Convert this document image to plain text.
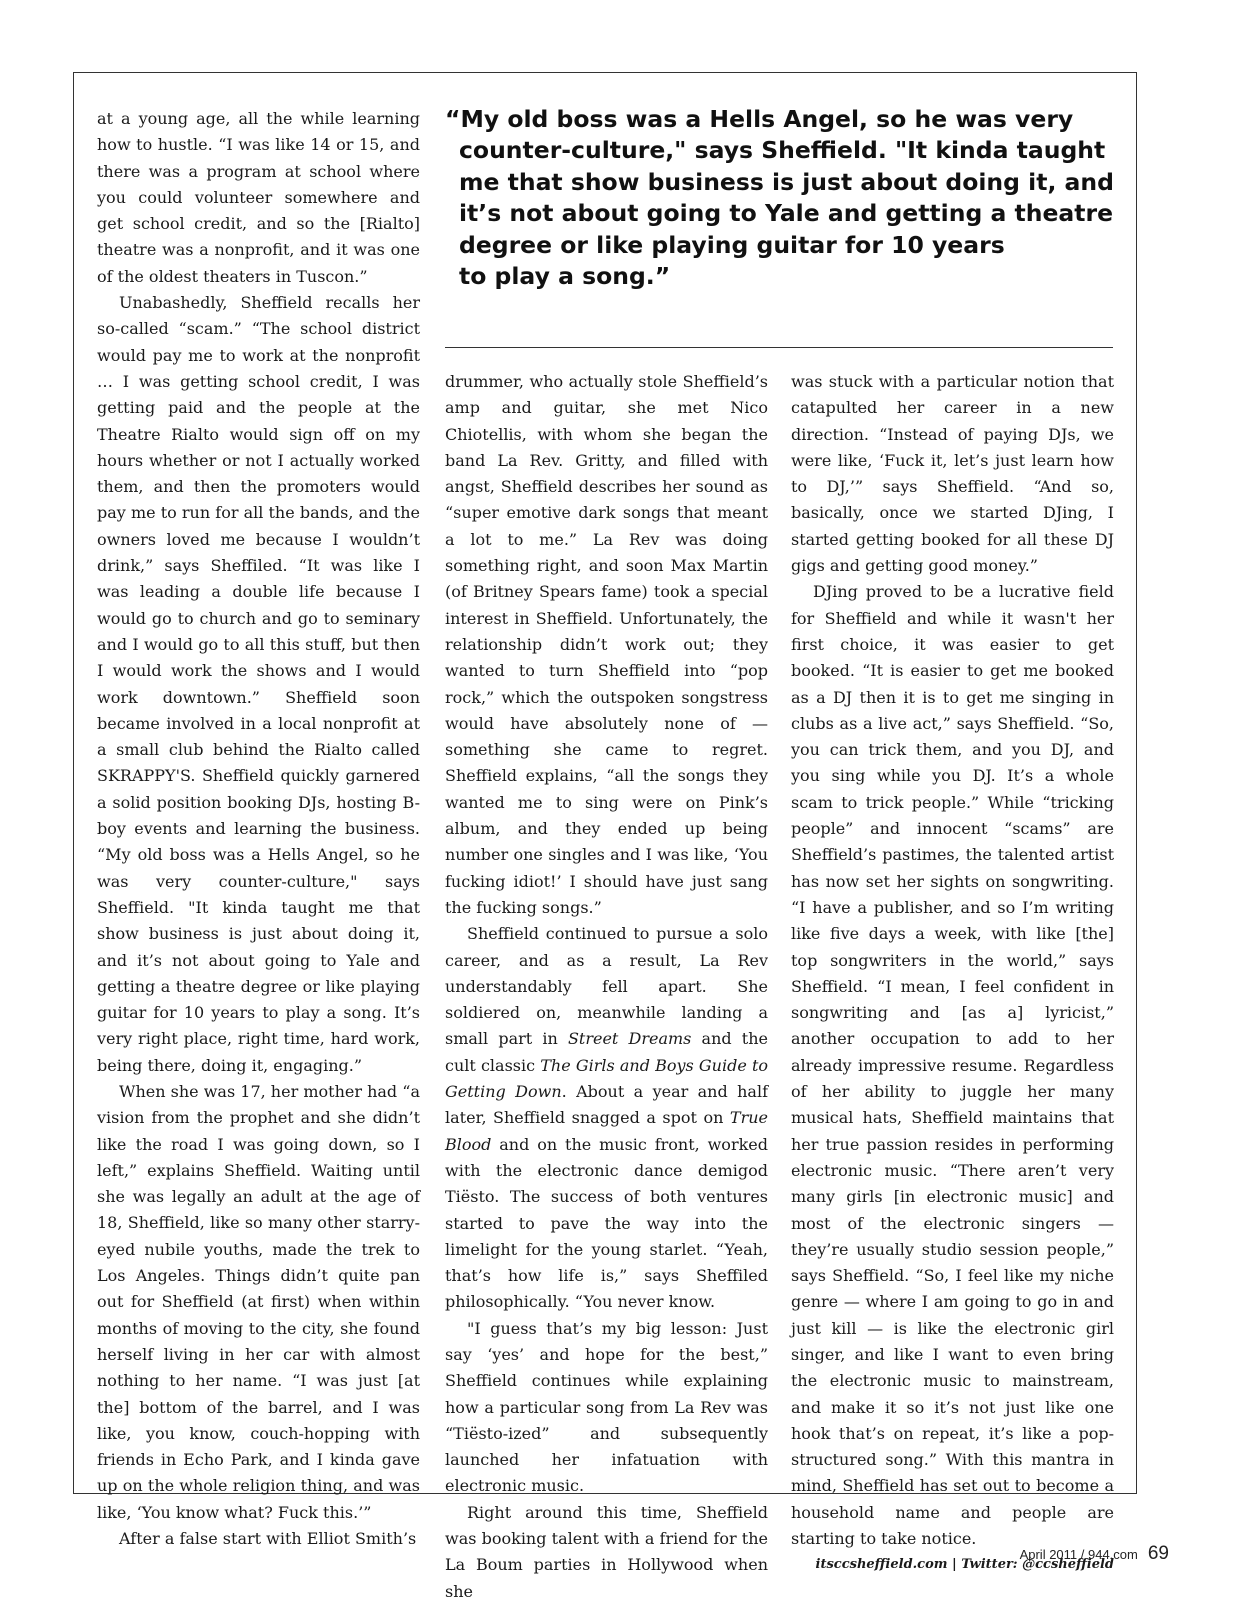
at a young age, all the while learning how to hustle. “I was like 14 or 15, and there was a program at school where you could volunteer somewhere and get school credit, and so the [Rialto] theatre was a nonprofit, and it was one of the oldest theaters in Tuscon.”

Unabashedly, Sheffield recalls her so-called “scam.” “The school district would pay me to work at the nonprofit … I was getting school credit, I was getting paid and the people at the Theatre Rialto would sign off on my hours whether or not I actually worked them, and then the promoters would pay me to run for all the bands, and the owners loved me because I wouldn’t drink,” says Sheffiled. “It was like I was leading a double life because I would go to church and go to seminary and I would go to all this stuff, but then I would work the shows and I would work downtown.” Sheffield soon became involved in a local nonprofit at a small club behind the Rialto called SKRAPPY'S. Sheffield quickly garnered a solid position booking DJs, hosting B-boy events and learning the business. “My old boss was a Hells Angel, so he was very counter-culture," says Sheffield. "It kinda taught me that show business is just about doing it, and it’s not about going to Yale and getting a theatre degree or like playing guitar for 10 years to play a song. It’s very right place, right time, hard work, being there, doing it, engaging.”

When she was 17, her mother had “a vision from the prophet and she didn’t like the road I was going down, so I left,” explains Sheffield. Waiting until she was legally an adult at the age of 18, Sheffield, like so many other starry-eyed nubile youths, made the trek to Los Angeles. Things didn’t quite pan out for Sheffield (at first) when within months of moving to the city, she found herself living in her car with almost nothing to her name. “I was just [at the] bottom of the barrel, and I was like, you know, couch-hopping with friends in Echo Park, and I kinda gave up on the whole religion thing, and was like, ‘You know what? Fuck this.’”

After a false start with Elliot Smith’s

“My old boss was a Hells Angel, so he was very
counter-culture," says Sheffield. "It kinda taught
me that show business is just about doing it, and
it’s not about going to Yale and getting a theatre
degree or like playing guitar for 10 years
to play a song.”

drummer, who actually stole Sheffield’s amp and guitar, she met Nico Chiotellis, with whom she began the band La Rev. Gritty, and filled with angst, Sheffield describes her sound as “super emotive dark songs that meant a lot to me.” La Rev was doing something right, and soon Max Martin (of Britney Spears fame) took a special interest in Sheffield. Unfortunately, the relationship didn’t work out; they wanted to turn Sheffield into “pop rock,” which the outspoken songstress would have absolutely none of — something she came to regret. Sheffield explains, “all the songs they wanted me to sing were on Pink’s album, and they ended up being number one singles and I was like, ‘You fucking idiot!’ I should have just sang the fucking songs.”

Sheffield continued to pursue a solo career, and as a result, La Rev understandably fell apart. She soldiered on, meanwhile landing a small part in Street Dreams and the cult classic The Girls and Boys Guide to Getting Down. About a year and half later, Sheffield snagged a spot on True Blood and on the music front, worked with the electronic dance demigod Tiësto. The success of both ventures started to pave the way into the limelight for the young starlet. “Yeah, that’s how life is,” says Sheffiled philosophically. “You never know.

"I guess that’s my big lesson: Just say ‘yes’ and hope for the best,” Sheffield continues while explaining how a particular song from La Rev was “Tiësto-ized” and subsequently launched her infatuation with electronic music.

Right around this time, Sheffield was booking talent with a friend for the La Boum parties in Hollywood when she

was stuck with a particular notion that catapulted her career in a new direction. “Instead of paying DJs, we were like, ‘Fuck it, let’s just learn how to DJ,’” says Sheffield. “And so, basically, once we started DJing, I started getting booked for all these DJ gigs and getting good money.”

DJing proved to be a lucrative field for Sheffield and while it wasn't her first choice, it was easier to get booked. “It is easier to get me booked as a DJ then it is to get me singing in clubs as a live act,” says Sheffield. “So, you can trick them, and you DJ, and you sing while you DJ. It’s a whole scam to trick people.” While “tricking people” and innocent “scams” are Sheffield’s pastimes, the talented artist has now set her sights on songwriting. “I have a publisher, and so I’m writing like five days a week, with like [the] top songwriters in the world,” says Sheffield. “I mean, I feel confident in songwriting and [as a] lyricist,” another occupation to add to her already impressive resume. Regardless of her ability to juggle her many musical hats, Sheffield maintains that her true passion resides in performing electronic music. “There aren’t very many girls [in electronic music] and most of the electronic singers — they’re usually studio session people,” says Sheffield. “So, I feel like my niche genre — where I am going to go in and just kill — is like the electronic girl singer, and like I want to even bring the electronic music to mainstream, and make it so it’s not just like one hook that’s on repeat, it’s like a pop-structured song.” With this mantra in mind, Sheffield has set out to become a household name and people are starting to take notice.

itsccsheffield.com | Twitter: @ccsheffield

April 2011 / 944.com 69
